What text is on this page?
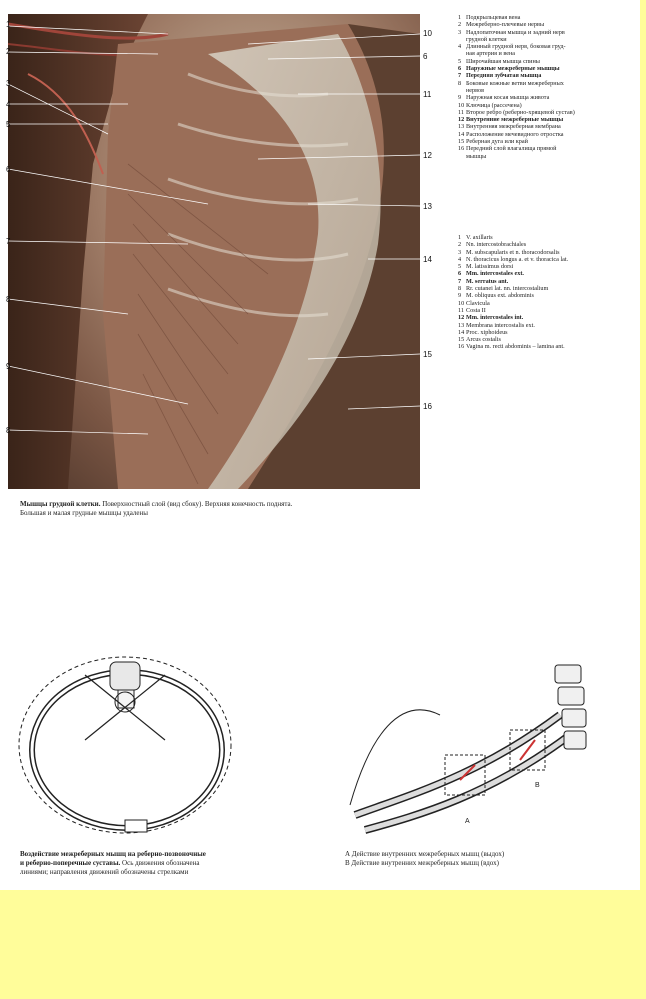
1
2
3
4
5
6
7
8
9
8
10
6
11
12
13
14
15
16
1 Подкрыльцевая вена
2 Межреберно-плечевые нервы
3 Надлопаточная мышца и задний нерв
грудной клетки
4 Длинный грудной нерв, боковая груд-
ная артерия и вена
5 Широчайшая мышца спины
6 Наружные межреберные мышцы
7 Передняя зубчатая мышца
8 Боковые кожные ветви межреберных
нервов
9 Наружная косая мышца живота
10 Ключица (рассечена)
11 Второе ребро (реберно-хрящевой сустав)
12 Внутренние межреберные мышцы
13 Внутренняя межреберная мембрана
14 Расположение мечевидного отростка
15 Реберная дуга или край
16 Передний слой влагалища прямой
мышцы
1 V. axillaris
2 Nn. intercostobrachiales
3 M. subscapularis et n. thoracodorsalis
4 N. thoracicus longus a. et v. thoracica lat.
5 M. latissimus dorsi
6 Mm. intercostales ext.
7 M. serratus ant.
8 Rr. cutanei lat. nn. intercostalium
9 M. obliquus ext. abdominis
10 Clavicula
11 Costa II
12 Mm. intercostales int.
13 Membrana intercostalis ext.
14 Proc. xiphoideus
15 Arcus costalis
16 Vagina m. recti abdominis – lamina ant.
Мышцы грудной клетки. Поверхностный слой (вид сбоку). Верхняя конечность поднята.
Большая и малая грудные мышцы удалены
A
B
Воздействие межреберных мышц на реберно-позвоночные
и реберно-поперечные суставы. Ось движения обозначена
линиями; направления движений обозначены стрелками
А Действие внутренних межреберных мышц (выдох)
B Действие внутренних межреберных мышц (вдох)
